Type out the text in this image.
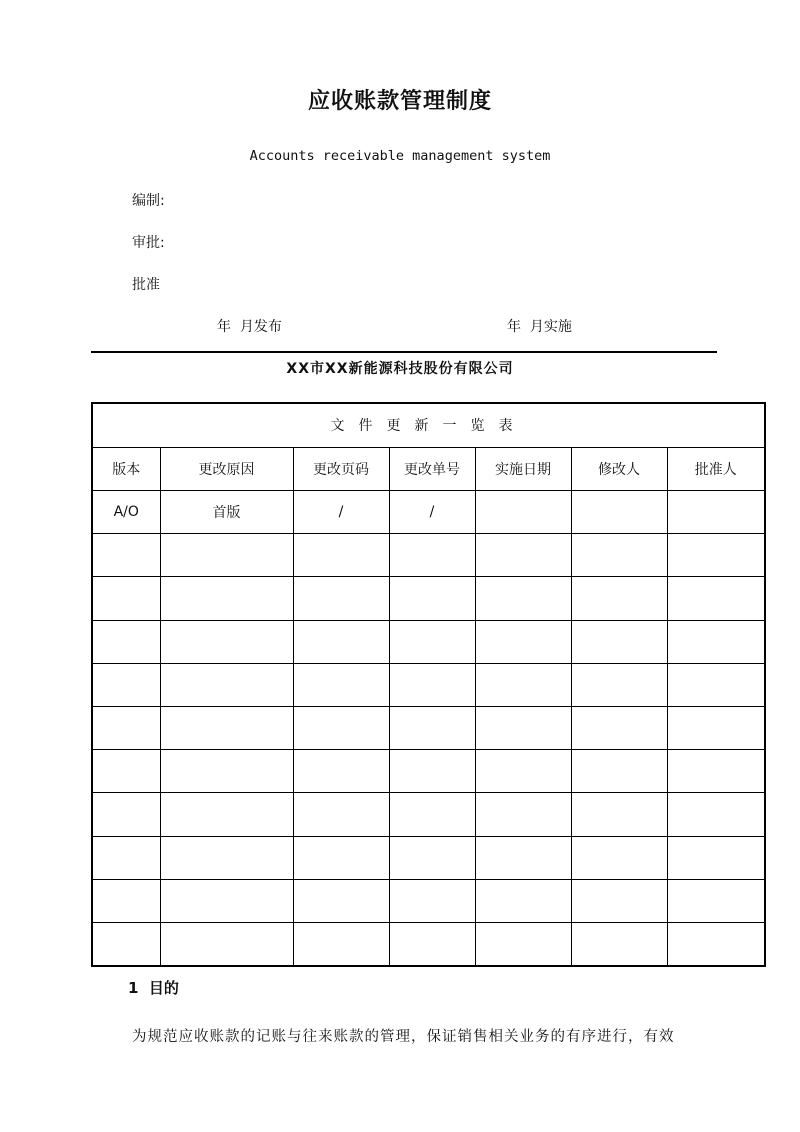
应收账款管理制度
Accounts receivable management system
编制:
审批:
批准
年  月发布	年  月实施
XX市XX新能源科技股份有限公司
文件更新一览表						
版本	更改原因	更改页码	更改单号	实施日期	修改人	批准人
A/O	首版	/	/			

1  目的
为规范应收账款的记账与往来账款的管理，保证销售相关业务的有序进行，有效
